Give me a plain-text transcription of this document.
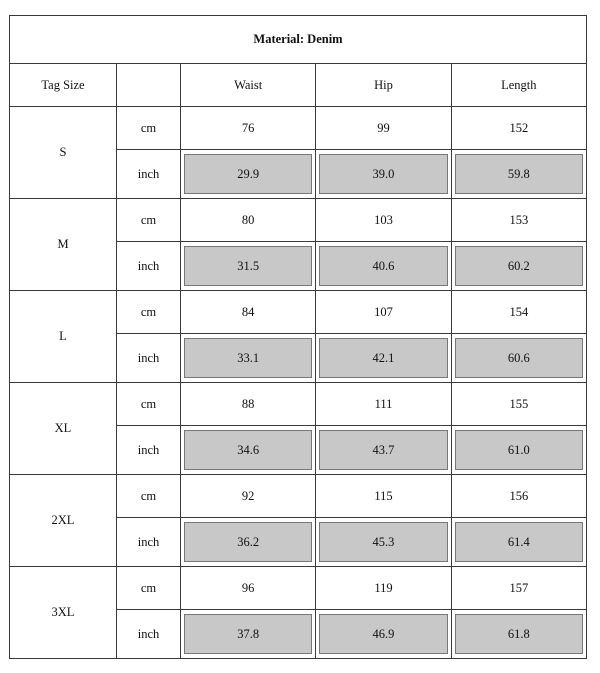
Material: Denim				
Tag Size		Waist	Hip	Length
S	cm	76	99	152
	inch	29.9	39.0	59.8

M	cm	80	103	153
	inch	31.5	40.6	60.2

L	cm	84	107	154
	inch	33.1	42.1	60.6

XL	cm	88	111	155
	inch	34.6	43.7	61.0

2XL	cm	92	115	156
	inch	36.2	45.3	61.4

3XL	cm	96	119	157
	inch	37.8	46.9	61.8
